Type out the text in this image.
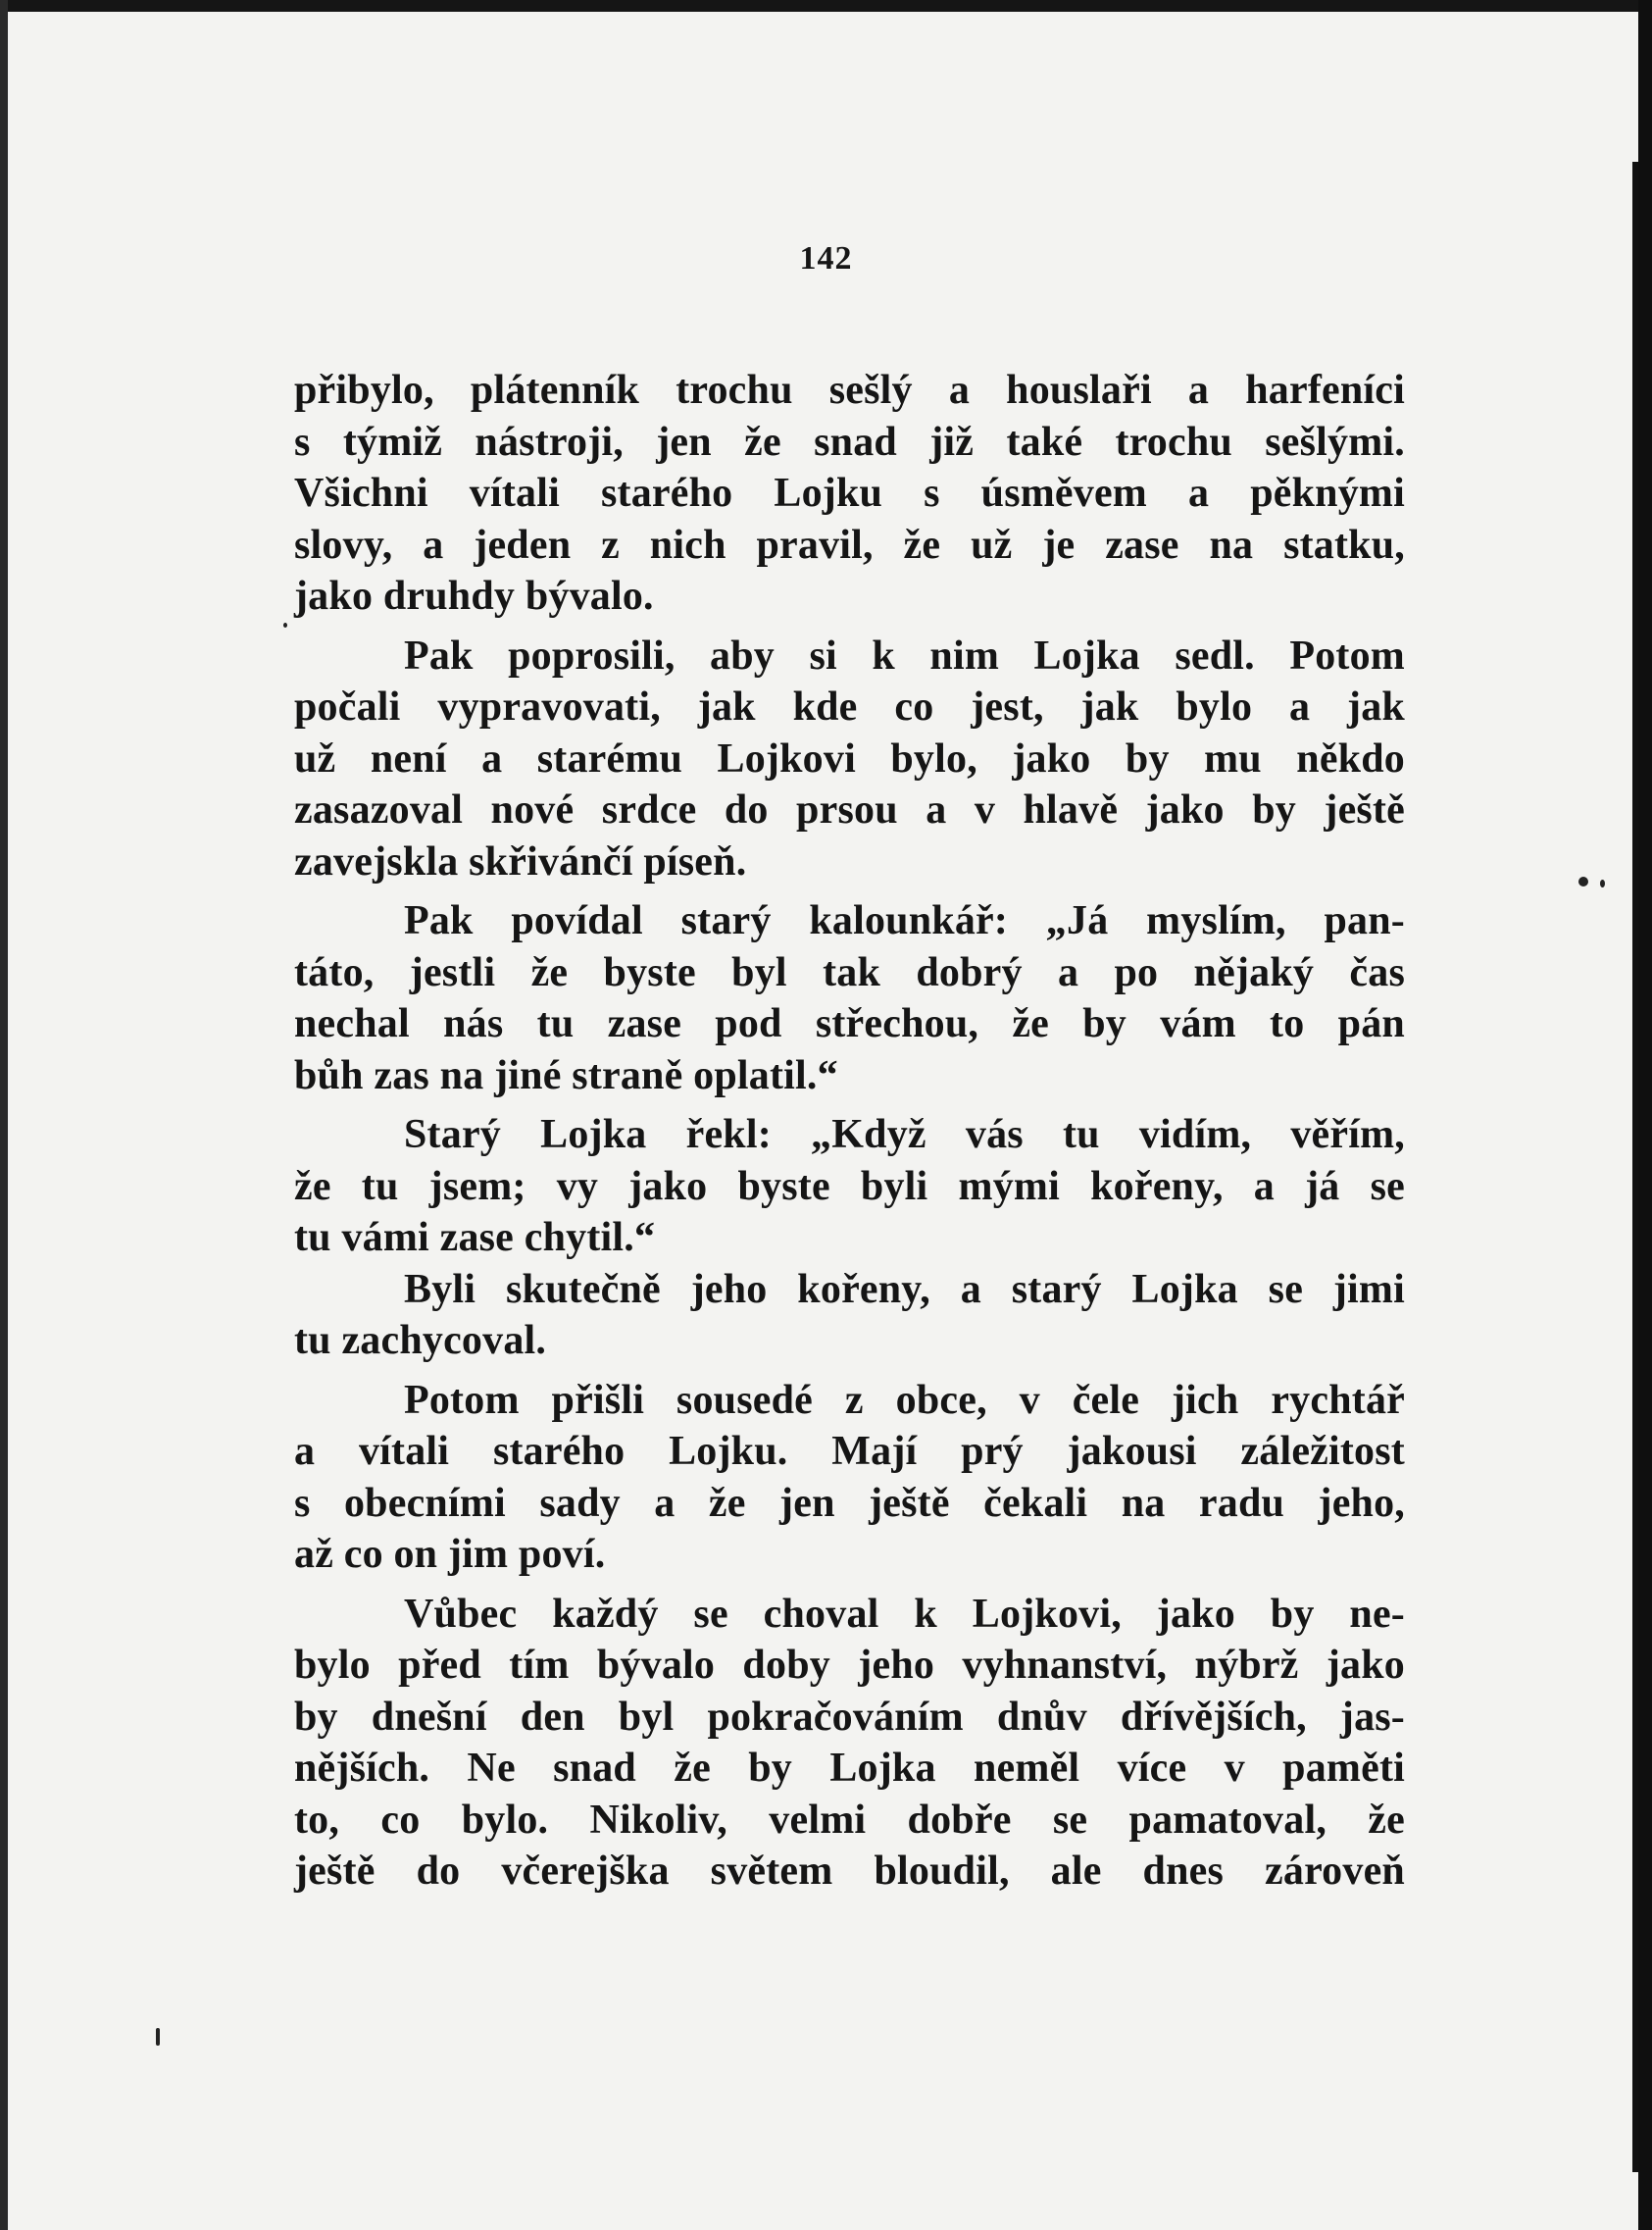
142

přibylo, plátenník trochu sešlý a houslaři a harfeníci
s týmiž nástroji, jen že snad již také trochu sešlými.
Všichni vítali starého Lojku s úsměvem a pěknými
slovy, a jeden z nich pravil, že už je zase na statku,
jako druhdy bývalo.

Pak poprosili, aby si k nim Lojka sedl. Potom
počali vypravovati, jak kde co jest, jak bylo a jak
už není a starému Lojkovi bylo, jako by mu někdo
zasazoval nové srdce do prsou a v hlavě jako by ještě
zavejskla skřivánčí píseň.

Pak povídal starý kalounkář: „Já myslím, pan-
táto, jestli že byste byl tak dobrý a po nějaký čas
nechal nás tu zase pod střechou, že by vám to pán
bůh zas na jiné straně oplatil.“

Starý Lojka řekl: „Když vás tu vidím, věřím,
že tu jsem; vy jako byste byli mými kořeny, a já se
tu vámi zase chytil.“

Byli skutečně jeho kořeny, a starý Lojka se jimi
tu zachycoval.

Potom přišli sousedé z obce, v čele jich rychtář
a vítali starého Lojku. Mají prý jakousi záležitost
s obecními sady a že jen ještě čekali na radu jeho,
až co on jim poví.

Vůbec každý se choval k Lojkovi, jako by ne-
bylo před tím bývalo doby jeho vyhnanství, nýbrž jako
by dnešní den byl pokračováním dnův dřívějších, jas-
nějších. Ne snad že by Lojka neměl více v paměti
to, co bylo. Nikoliv, velmi dobře se pamatoval, že
ještě do včerejška světem bloudil, ale dnes zároveň
